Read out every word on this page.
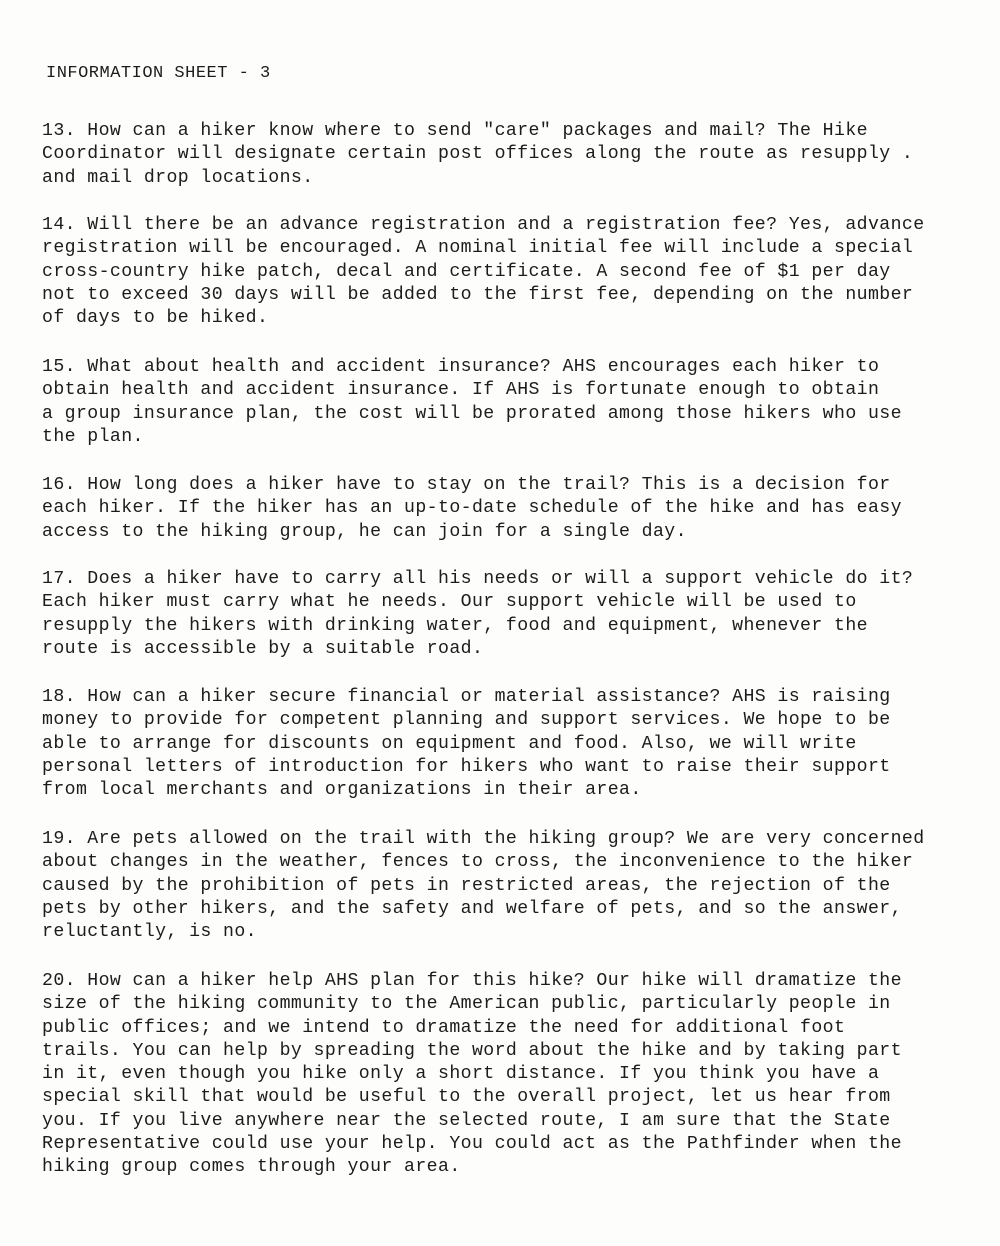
INFORMATION SHEET - 3
13. How can a hiker know where to send "care" packages and mail? The Hike
Coordinator will designate certain post offices along the route as resupply .
and mail drop locations.
14. Will there be an advance registration and a registration fee? Yes, advance
registration will be encouraged. A nominal initial fee will include a special
cross-country hike patch, decal and certificate. A second fee of $1 per day
not to exceed 30 days will be added to the first fee, depending on the number
of days to be hiked.
15. What about health and accident insurance? AHS encourages each hiker to
obtain health and accident insurance. If AHS is fortunate enough to obtain
a group insurance plan, the cost will be prorated among those hikers who use
the plan.
16. How long does a hiker have to stay on the trail? This is a decision for
each hiker. If the hiker has an up-to-date schedule of the hike and has easy
access to the hiking group, he can join for a single day.
17. Does a hiker have to carry all his needs or will a support vehicle do it?
Each hiker must carry what he needs. Our support vehicle will be used to
resupply the hikers with drinking water, food and equipment, whenever the
route is accessible by a suitable road.
18. How can a hiker secure financial or material assistance? AHS is raising
money to provide for competent planning and support services. We hope to be
able to arrange for discounts on equipment and food. Also, we will write
personal letters of introduction for hikers who want to raise their support
from local merchants and organizations in their area.
19. Are pets allowed on the trail with the hiking group? We are very concerned
about changes in the weather, fences to cross, the inconvenience to the hiker
caused by the prohibition of pets in restricted areas, the rejection of the
pets by other hikers, and the safety and welfare of pets, and so the answer,
reluctantly, is no.
20. How can a hiker help AHS plan for this hike? Our hike will dramatize the
size of the hiking community to the American public, particularly people in
public offices; and we intend to dramatize the need for additional foot
trails. You can help by spreading the word about the hike and by taking part
in it, even though you hike only a short distance. If you think you have a
special skill that would be useful to the overall project, let us hear from
you. If you live anywhere near the selected route, I am sure that the State
Representative could use your help. You could act as the Pathfinder when the
hiking group comes through your area.
